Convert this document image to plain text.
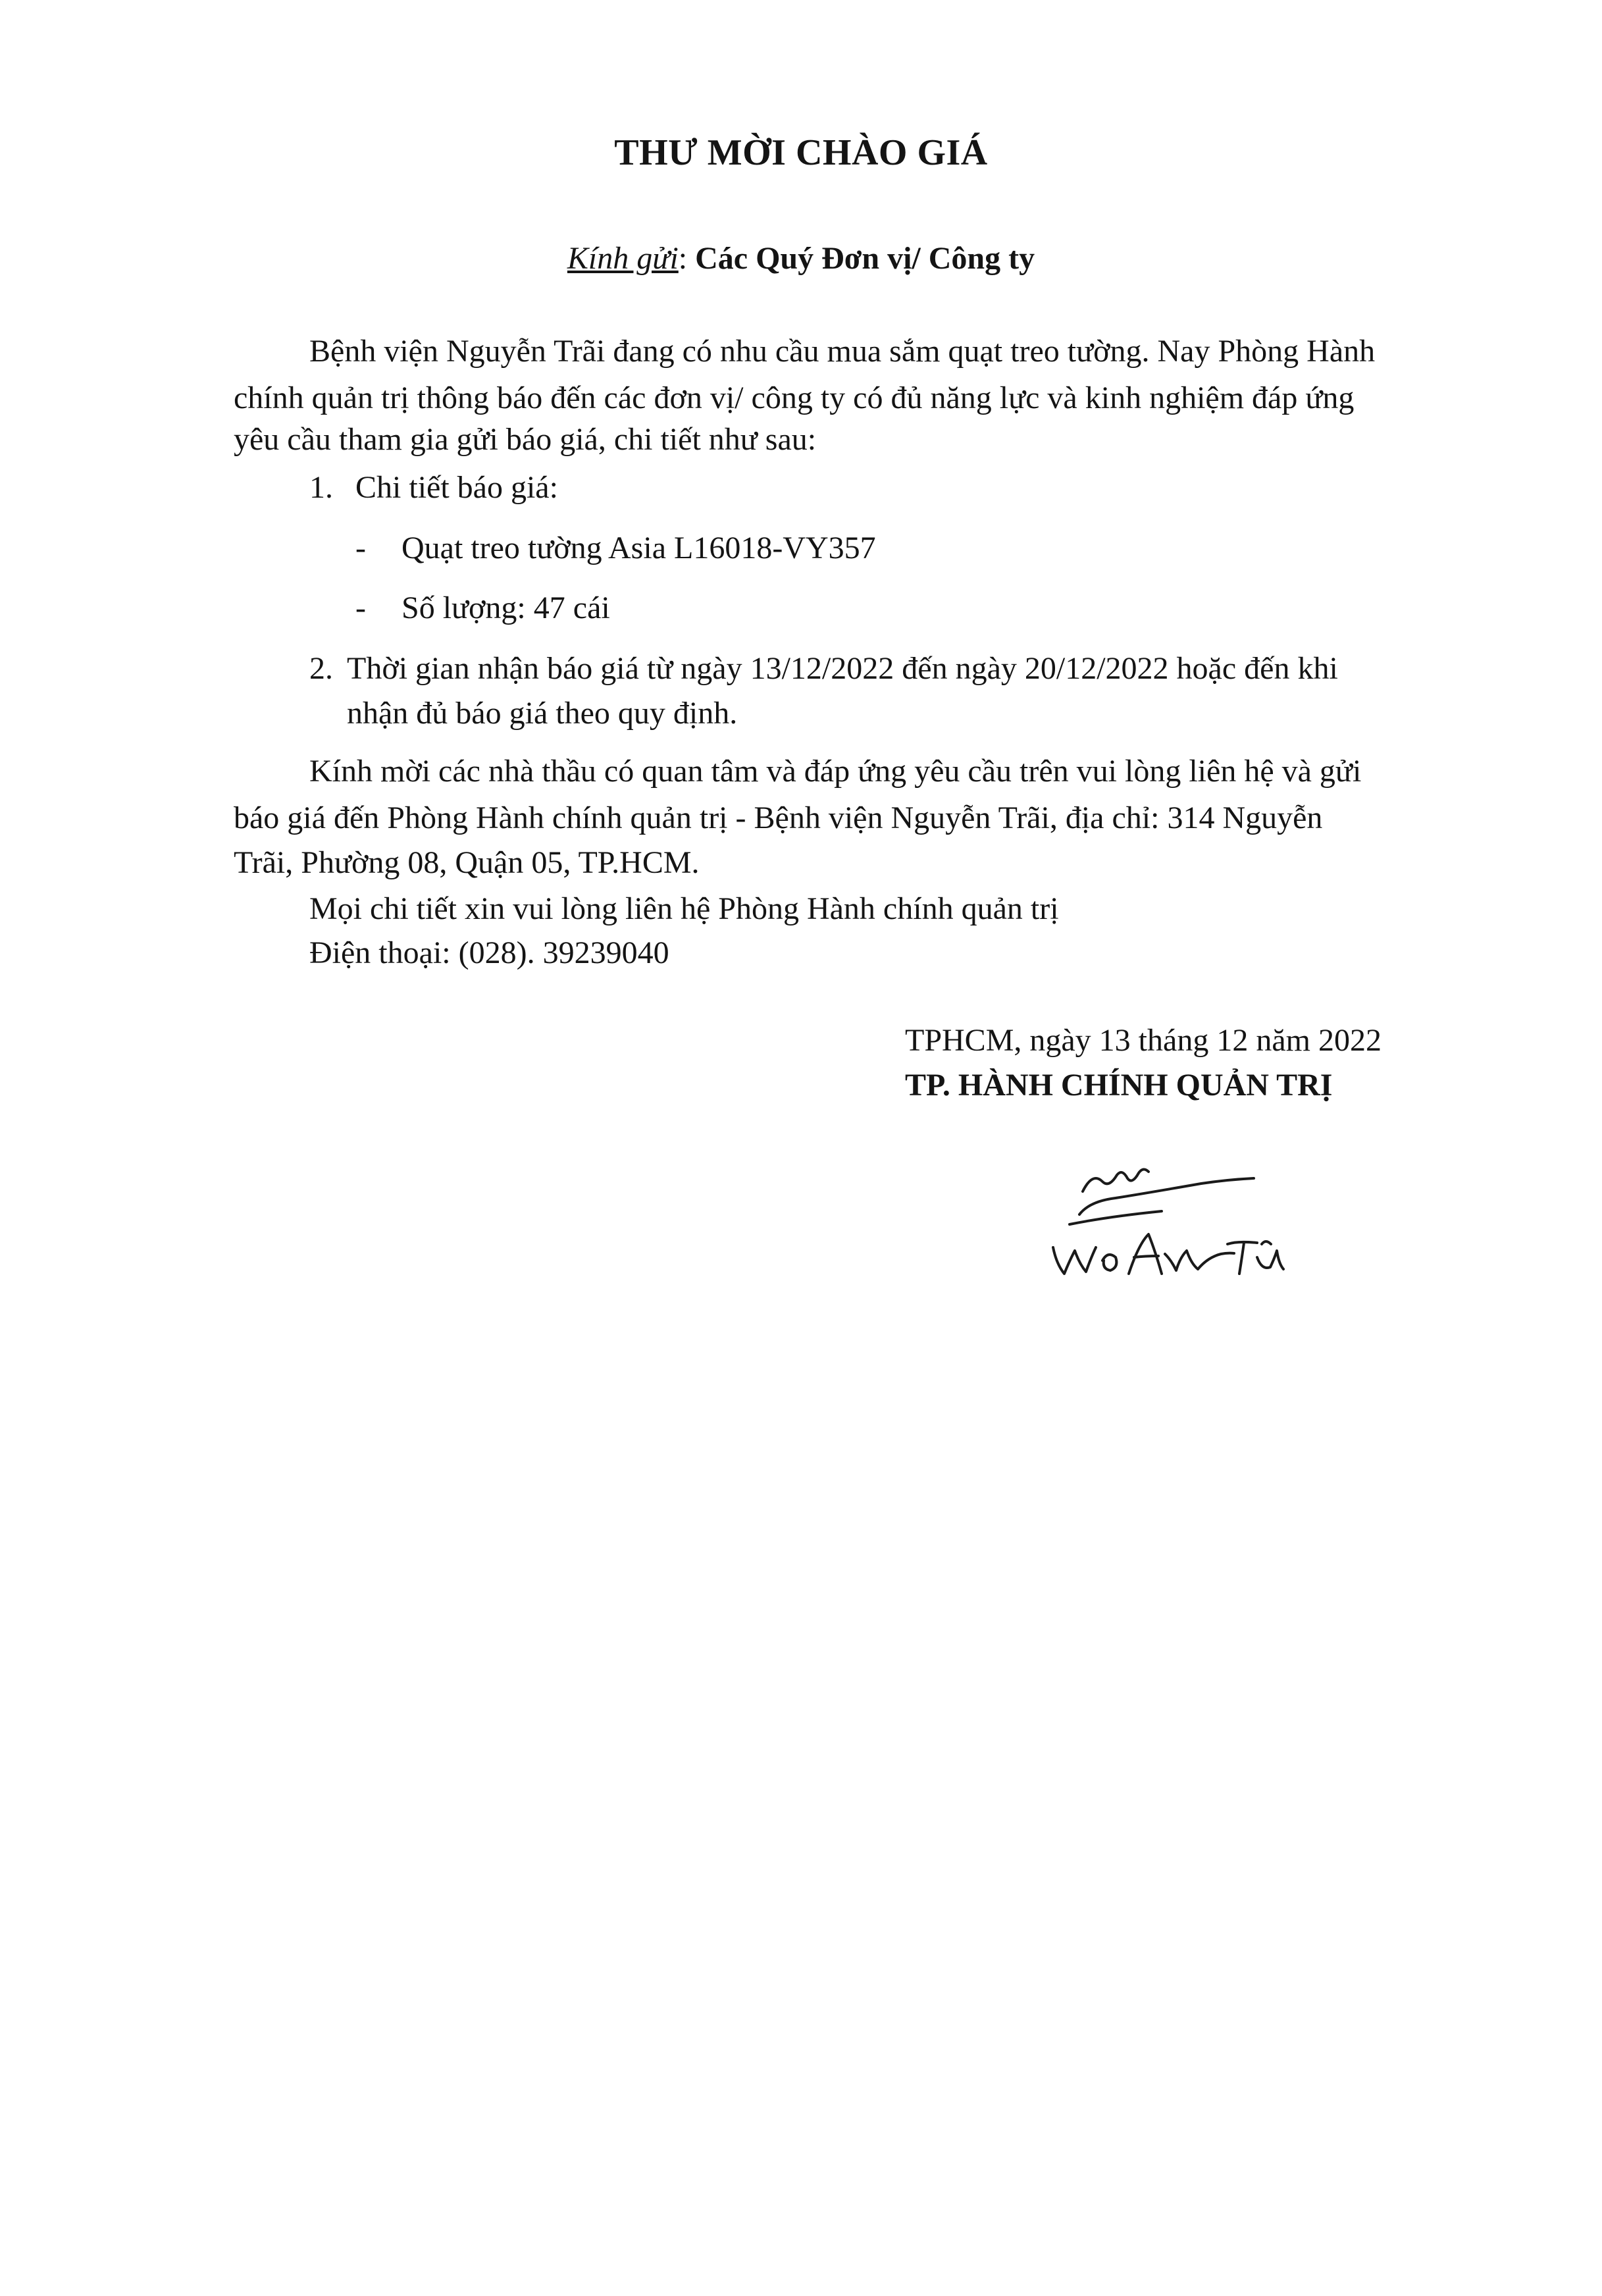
THƯ MỜI CHÀO GIÁ
Kính gửi: Các Quý Đơn vị/ Công ty
Bệnh viện Nguyễn Trãi đang có nhu cầu mua sắm quạt treo tường. Nay Phòng Hành
chính quản trị thông báo đến các đơn vị/ công ty có đủ năng lực và kinh nghiệm đáp ứng
yêu cầu tham gia gửi báo giá, chi tiết như sau:
1. Chi tiết báo giá:
- Quạt treo tường Asia L16018-VY357
- Số lượng: 47 cái
2. Thời gian nhận báo giá từ ngày 13/12/2022 đến ngày 20/12/2022 hoặc đến khi
nhận đủ báo giá theo quy định.
Kính mời các nhà thầu có quan tâm và đáp ứng yêu cầu trên vui lòng liên hệ và gửi
báo giá đến Phòng Hành chính quản trị - Bệnh viện Nguyễn Trãi, địa chỉ: 314 Nguyễn
Trãi, Phường 08, Quận 05, TP.HCM.
Mọi chi tiết xin vui lòng liên hệ Phòng Hành chính quản trị
Điện thoại: (028). 39239040
TPHCM, ngày 13 tháng 12 năm 2022
TP. HÀNH CHÍNH QUẢN TRỊ
